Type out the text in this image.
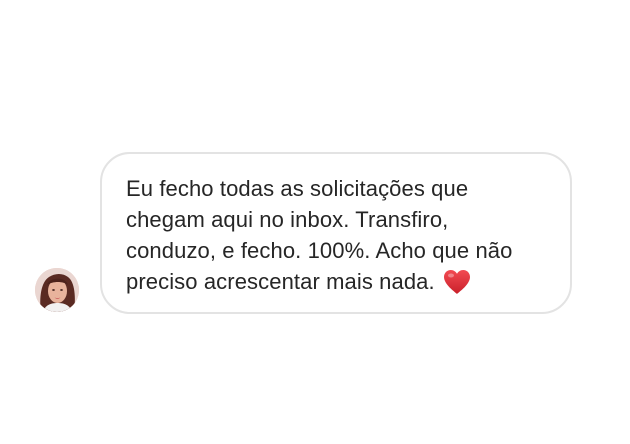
Eu fecho todas as solicitações que
chegam aqui no inbox. Transfiro,
conduzo, e fecho. 100%. Acho que não
preciso acrescentar mais nada.
